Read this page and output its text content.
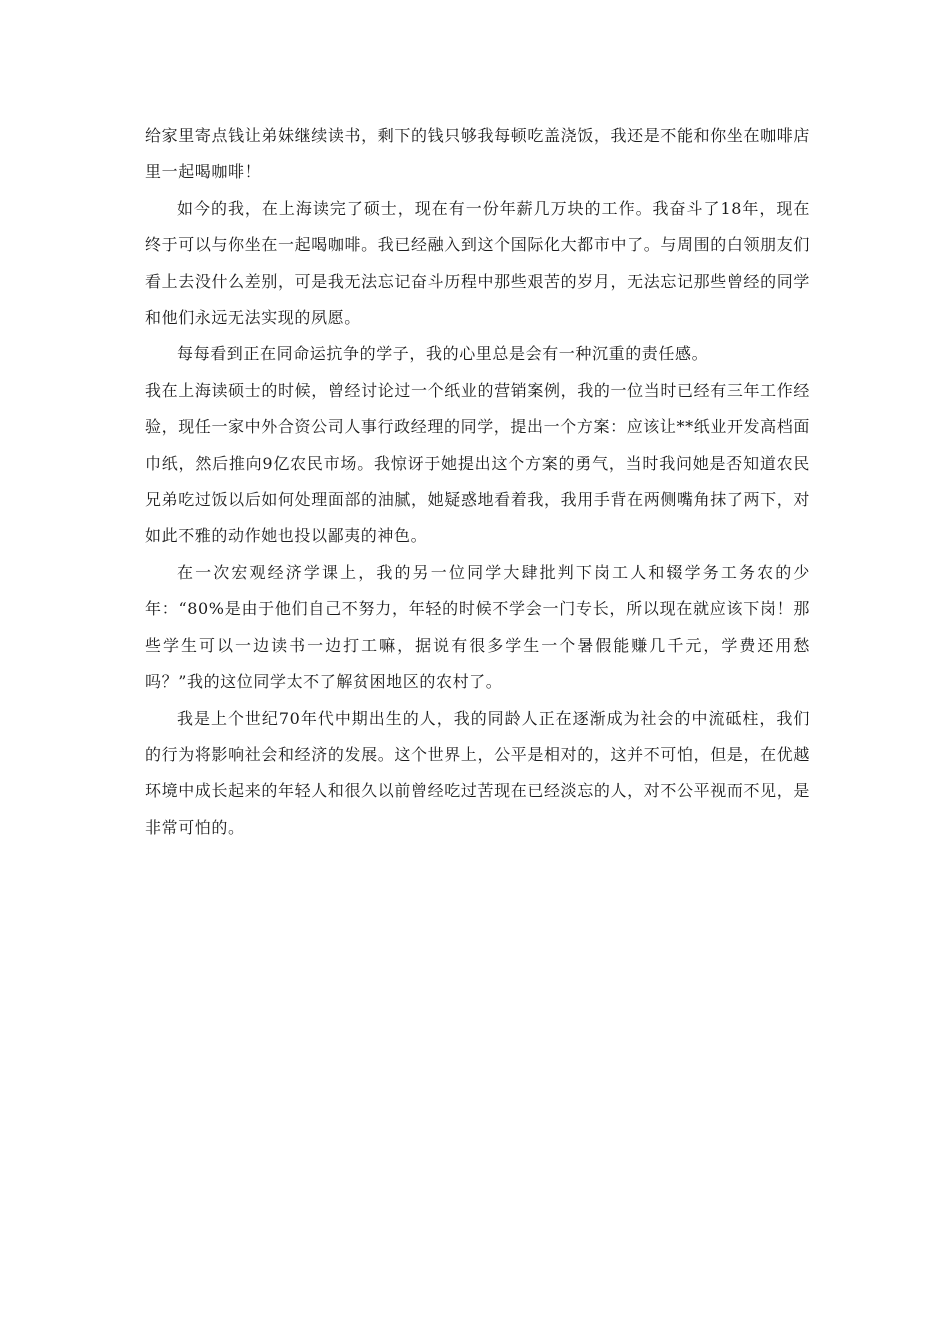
给家里寄点钱让弟妹继续读书，剩下的钱只够我每顿吃盖浇饭，我还是不能和你坐在咖啡店里一起喝咖啡！

如今的我，在上海读完了硕士，现在有一份年薪几万块的工作。我奋斗了18年，现在终于可以与你坐在一起喝咖啡。我已经融入到这个国际化大都市中了。与周围的白领朋友们看上去没什么差别，可是我无法忘记奋斗历程中那些艰苦的岁月，无法忘记那些曾经的同学和他们永远无法实现的夙愿。

每每看到正在同命运抗争的学子，我的心里总是会有一种沉重的责任感。

我在上海读硕士的时候，曾经讨论过一个纸业的营销案例，我的一位当时已经有三年工作经验，现任一家中外合资公司人事行政经理的同学，提出一个方案：应该让**纸业开发高档面巾纸，然后推向9亿农民市场。我惊讶于她提出这个方案的勇气，当时我问她是否知道农民兄弟吃过饭以后如何处理面部的油腻，她疑惑地看着我，我用手背在两侧嘴角抹了两下，对如此不雅的动作她也投以鄙夷的神色。

在一次宏观经济学课上，我的另一位同学大肆批判下岗工人和辍学务工务农的少年：“80%是由于他们自己不努力，年轻的时候不学会一门专长，所以现在就应该下岗！那些学生可以一边读书一边打工嘛，据说有很多学生一个暑假能赚几千元，学费还用愁吗？”我的这位同学太不了解贫困地区的农村了。

我是上个世纪70年代中期出生的人，我的同龄人正在逐渐成为社会的中流砥柱，我们的行为将影响社会和经济的发展。这个世界上，公平是相对的，这并不可怕，但是，在优越环境中成长起来的年轻人和很久以前曾经吃过苦现在已经淡忘的人，对不公平视而不见，是非常可怕的。
